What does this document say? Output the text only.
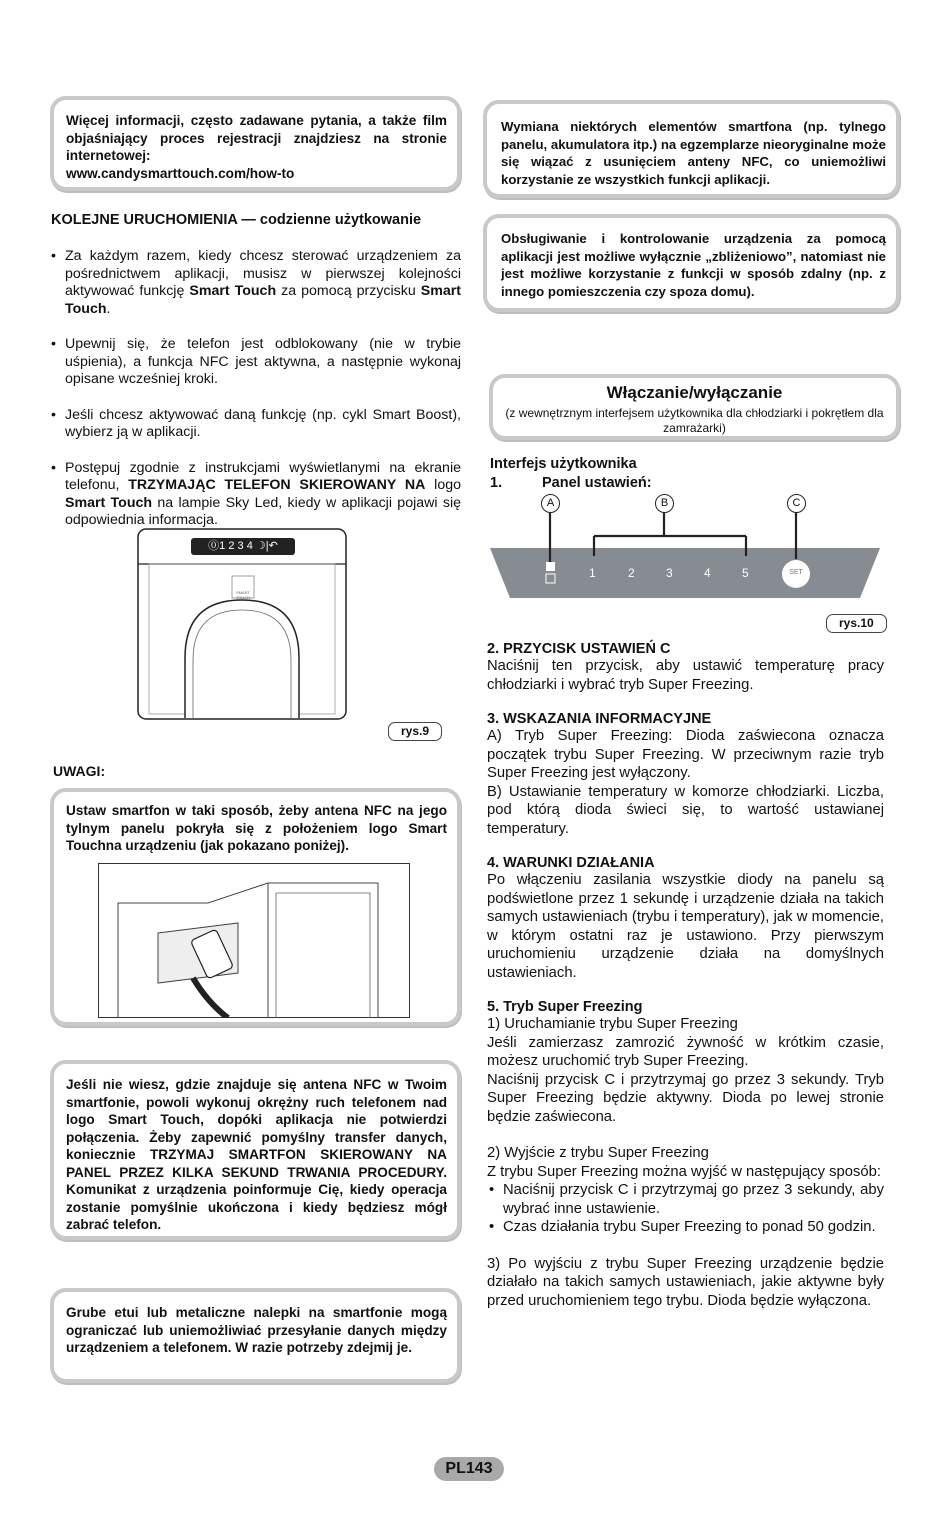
Więcej informacji, często zadawane pytania, a także film objaśniający proces rejestracji znajdziesz na stronie internetowej:
www.candysmarttouch.com/how-to
KOLEJNE URUCHOMIENIA — codzienne użytkowanie
• Za każdym razem, kiedy chcesz sterować urządzeniem za pośrednictwem aplikacji, musisz w pierwszej kolejności aktywować funkcję Smart Touch za pomocą przycisku Smart Touch.
• Upewnij się, że telefon jest odblokowany (nie w trybie uśpienia), a funkcja NFC jest aktywna, a następnie wykonaj opisane wcześniej kroki.
• Jeśli chcesz aktywować daną funkcję (np. cykl Smart Boost), wybierz ją w aplikacji.
• Postępuj zgodnie z instrukcjami wyświetlanymi na ekranie telefonu, TRZYMAJĄC TELEFON SKIEROWANY NA logo Smart Touch na lampie Sky Led, kiedy w aplikacji pojawi się odpowiednia informacja.
⓪1 2 3 4 ☽|↶
SMART TOUCH
rys.9
UWAGI:
Ustaw smartfon w taki sposób, żeby antena NFC na jego tylnym panelu pokryła się z położeniem logo Smart Touchna urządzeniu (jak pokazano poniżej).
Jeśli nie wiesz, gdzie znajduje się antena NFC w Twoim smartfonie, powoli wykonuj okrężny ruch telefonem nad logo Smart Touch, dopóki aplikacja nie potwierdzi połączenia. Żeby zapewnić pomyślny transfer danych, koniecznie TRZYMAJ SMARTFON SKIEROWANY NA PANEL PRZEZ KILKA SEKUND TRWANIA PROCEDURY. Komunikat z urządzenia poinformuje Cię, kiedy operacja zostanie pomyślnie ukończona i kiedy będziesz mógł zabrać telefon.
Grube etui lub metaliczne nalepki na smartfonie mogą ograniczać lub uniemożliwiać przesyłanie danych między urządzeniem a telefonem. W razie potrzeby zdejmij je.
Wymiana niektórych elementów smartfona (np. tylnego panelu, akumulatora itp.) na egzemplarze nieoryginalne może się wiązać z usunięciem anteny NFC, co uniemożliwi korzystanie ze wszystkich funkcji aplikacji.
Obsługiwanie i kontrolowanie urządzenia za pomocą aplikacji jest możliwe wyłącznie „zbliżeniowo”, natomiast nie jest możliwe korzystanie z funkcji w sposób zdalny (np. z innego pomieszczenia czy spoza domu).
Włączanie/wyłączanie
(z wewnętrznym interfejsem użytkownika dla chłodziarki i pokrętłem dla zamrażarki)
Interfejs użytkownika
1.	Panel ustawień:
A	B	C
1	2	3	4	5	SET
rys.10
2. PRZYCISK USTAWIEŃ C
Naciśnij ten przycisk, aby ustawić temperaturę pracy chłodziarki i wybrać tryb Super Freezing.
3. WSKAZANIA INFORMACYJNE
A) Tryb Super Freezing: Dioda zaświecona oznacza początek trybu Super Freezing. W przeciwnym razie tryb Super Freezing jest wyłączony.
B) Ustawianie temperatury w komorze chłodziarki. Liczba, pod którą dioda świeci się, to wartość ustawianej temperatury.
4. WARUNKI DZIAŁANIA
Po włączeniu zasilania wszystkie diody na panelu są podświetlone przez 1 sekundę i urządzenie działa na takich samych ustawieniach (trybu i temperatury), jak w momencie, w którym ostatni raz je ustawiono. Przy pierwszym uruchomieniu urządzenie działa na domyślnych ustawieniach.
5. Tryb Super Freezing
1) Uruchamianie trybu Super Freezing
Jeśli zamierzasz zamrozić żywność w krótkim czasie, możesz uruchomić tryb Super Freezing.
Naciśnij przycisk C i przytrzymaj go przez 3 sekundy. Tryb Super Freezing będzie aktywny. Dioda po lewej stronie będzie zaświecona.
2) Wyjście z trybu Super Freezing
Z trybu Super Freezing można wyjść w następujący sposób:
• Naciśnij przycisk C i przytrzymaj go przez 3 sekundy, aby wybrać inne ustawienie.
• Czas działania trybu Super Freezing to ponad 50 godzin.
3) Po wyjściu z trybu Super Freezing urządzenie będzie działało na takich samych ustawieniach, jakie aktywne były przed uruchomieniem tego trybu. Dioda będzie wyłączona.
PL143
